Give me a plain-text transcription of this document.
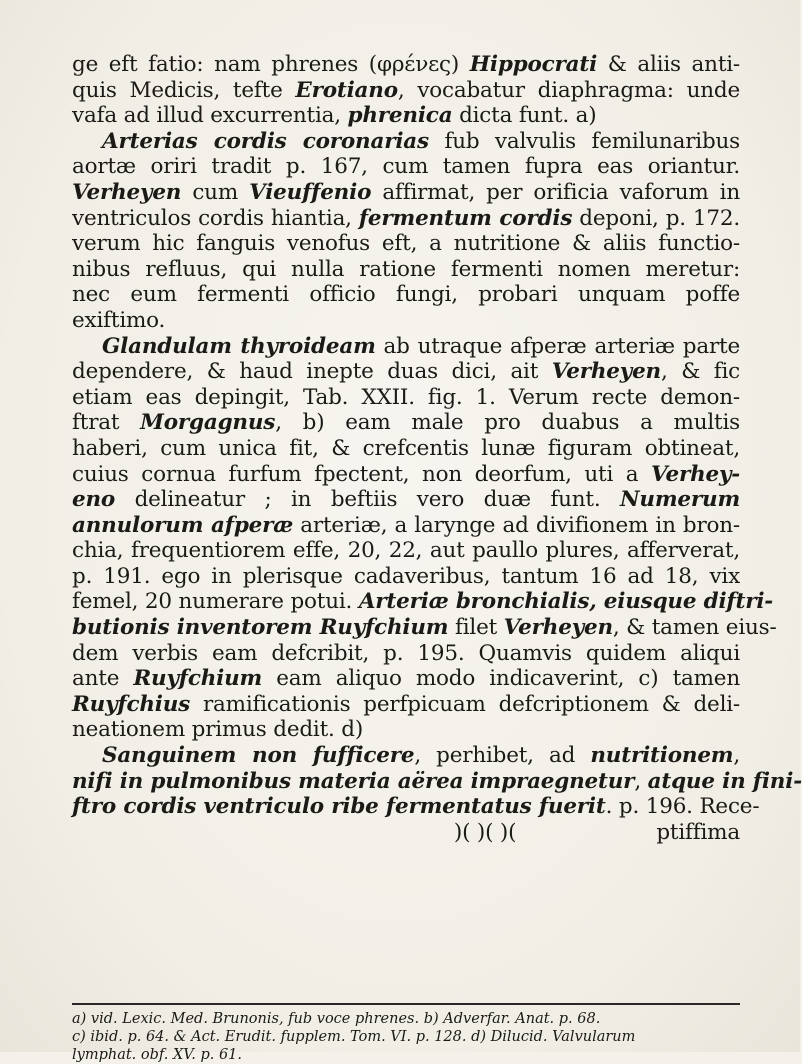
ge eft fatio: nam phrenes (φρένες) Hippocrati & aliis anti-
quis Medicis, tefte Erotiano, vocabatur diaphragma: unde
vafa ad illud excurrentia, phrenica dicta funt. a)
Arterias cordis coronarias fub valvulis femilunaribus
aortæ oriri tradit p. 167, cum tamen fupra eas oriantur.
Verheyen cum Vieuffenio affirmat, per orificia vaforum in
ventriculos cordis hiantia, fermentum cordis deponi, p. 172.
verum hic fanguis venofus eft, a nutritione & aliis functio-
nibus refluus, qui nulla ratione fermenti nomen meretur:
nec eum fermenti officio fungi, probari unquam poffe
exiftimo.
Glandulam thyroideam ab utraque afperæ arteriæ parte
dependere, & haud inepte duas dici, ait Verheyen, & fic
etiam eas depingit, Tab. XXII. fig. 1. Verum recte demon-
ftrat Morgagnus, b) eam male pro duabus a multis
haberi, cum unica fit, & crefcentis lunæ figuram obtineat,
cuius cornua furfum fpectent, non deorfum, uti a Verhey-
eno delineatur ; in beftiis vero duæ funt. Numerum
annulorum afperæ arteriæ, a larynge ad divifionem in bron-
chia, frequentiorem effe, 20, 22, aut paullo plures, afferverat,
p. 191. ego in plerisque cadaveribus, tantum 16 ad 18, vix
femel, 20 numerare potui. Arteriæ bronchialis, eiusque diftri-
butionis inventorem Ruyfchium filet Verheyen, & tamen eius-
dem verbis eam defcribit, p. 195. Quamvis quidem aliqui
ante Ruyfchium eam aliquo modo indicaverint, c) tamen
Ruyfchius ramificationis perfpicuam defcriptionem & deli-
neationem primus dedit. d)
Sanguinem non fufficere, perhibet, ad nutritionem,
nifi in pulmonibus materia aërea impraegnetur, atque in fini-
ftro cordis ventriculo ribe fermentatus fuerit. p. 196. Rece-
)( )( )(	ptiffima
a) vid. Lexic. Med. Brunonis, fub voce phrenes. b) Adverfar. Anat. p. 68.
c) ibid. p. 64. & Act. Erudit. fupplem. Tom. VI. p. 128. d) Dilucid. Valvularum
lymphat. obf. XV. p. 61.
